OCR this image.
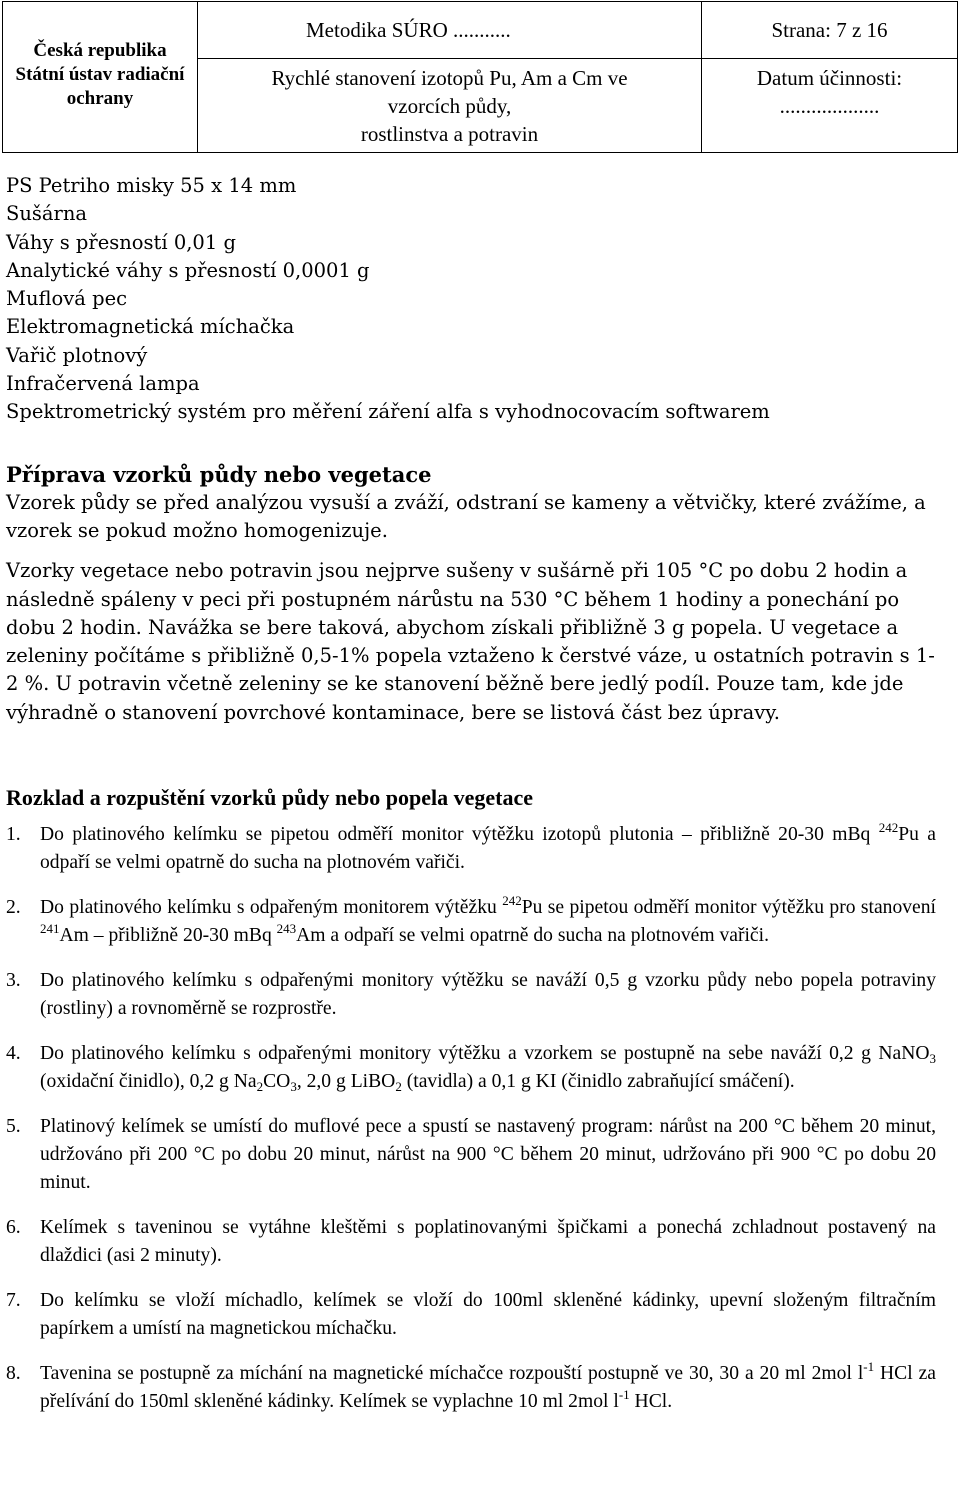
Česká republika
Státní ústav radiační
ochrany
Metodika SÚRO ...........
Rychlé stanovení izotopů Pu, Am a Cm ve
vzorcích půdy,
rostlinstva a potravin
Strana: 7 z 16
Datum účinnosti:
...................
PS Petriho misky 55 x 14 mm
Sušárna
Váhy s přesností 0,01 g
Analytické váhy s přesností 0,0001 g
Muflová pec
Elektromagnetická míchačka
Vařič plotnový
Infračervená lampa
Spektrometrický systém pro měření záření alfa s vyhodnocovacím softwarem
Příprava vzorků půdy nebo vegetace

Vzorek půdy se před analýzou vysuší a zváží, odstraní se kameny a větvičky, které zvážíme, a vzorek se pokud možno homogenizuje.

Vzorky vegetace nebo potravin jsou nejprve sušeny v sušárně při 105 °C po dobu 2 hodin a následně spáleny v peci při postupném nárůstu na 530 °C během 1 hodiny a ponechání po dobu 2 hodin. Navážka se bere taková, abychom získali přibližně 3 g popela. U vegetace a zeleniny počítáme s přibližně 0,5-1% popela vztaženo k čerstvé váze, u ostatních potravin s 1-2 %. U potravin včetně zeleniny se ke stanovení běžně bere jedlý podíl. Pouze tam, kde jde výhradně o stanovení povrchové kontaminace, bere se listová část bez úpravy.

Rozklad a rozpuštění vzorků půdy nebo popela vegetace
1. Do platinového kelímku se pipetou odměří monitor výtěžku izotopů plutonia – přibližně 20-30 mBq $^{242}$Pu a odpaří se velmi opatrně do sucha na plotnovém vařiči.
2. Do platinového kelímku s odpařeným monitorem výtěžku $^{242}$Pu se pipetou odměří monitor výtěžku pro stanovení $^{241}$Am – přibližně 20-30 mBq $^{243}$Am a odpaří se velmi opatrně do sucha na plotnovém vařiči.
3. Do platinového kelímku s odpařenými monitory výtěžku se naváží 0,5 g vzorku půdy nebo popela potraviny (rostliny) a rovnoměrně se rozprostře.
4. Do platinového kelímku s odpařenými monitory výtěžku a vzorkem se postupně na sebe naváží 0,2 g NaNO$_3$ (oxidační činidlo), 0,2 g $Na_2CO_3$, 2,0 g LiBO$_2$ (tavidla) a 0,1 g KI (činidlo zabraňující smáčení).
5. Platinový kelímek se umístí do muflové pece a spustí se nastavený program: nárůst na 200 °C během 20 minut, udržováno při 200 °C po dobu 20 minut, nárůst na 900 °C během 20 minut, udržováno při 900 °C po dobu 20 minut.
6. Kelímek s taveninou se vytáhne kleštěmi s poplatinovanými špičkami a ponechá zchladnout postavený na dlaždici (asi 2 minuty).
7. Do kelímku se vloží míchadlo, kelímek se vloží do 100ml skleněné kádinky, upevní složeným filtračním papírkem a umístí na magnetickou míchačku.
8. Tavenina se postupně za míchání na magnetické míchačce rozpouští postupně ve 30, 30 a 20 ml 2mol $l^{-1}$ HCl za přelívání do 150ml skleněné kádinky. Kelímek se vyplachne 10 ml 2mol $l^{-1}$ HCl.
